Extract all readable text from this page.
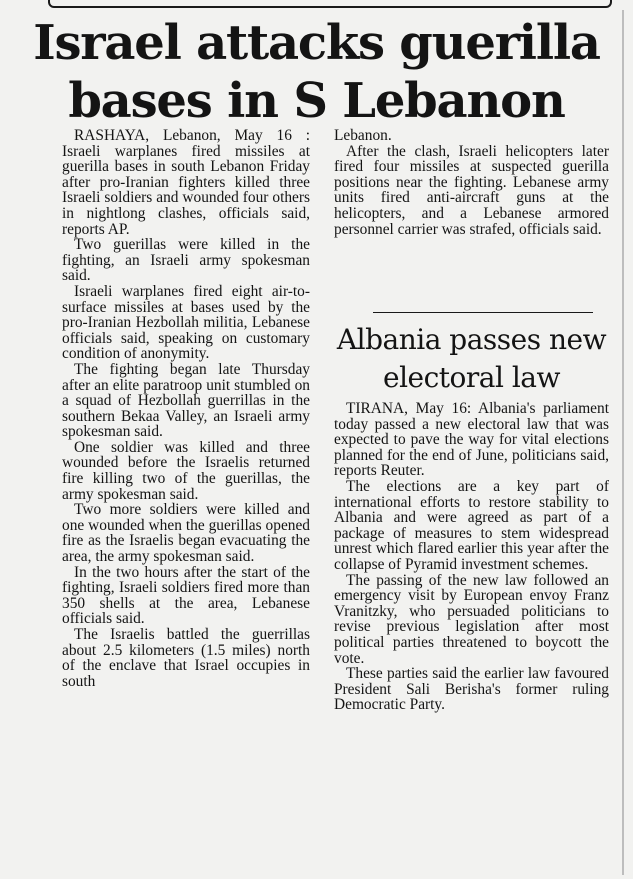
Israel attacks guerilla bases in S Lebanon

RASHAYA, Lebanon, May 16 : Israeli warplanes fired missiles at guerilla bases in south Lebanon Friday after pro-Iranian fighters killed three Israeli soldiers and wounded four others in nightlong clashes, officials said, reports AP.

Two guerillas were killed in the fighting, an Israeli army spokesman said.

Israeli warplanes fired eight air-to-surface missiles at bases used by the pro-Iranian Hezbollah militia, Lebanese officials said, speaking on customary condition of anonymity.

The fighting began late Thursday after an elite paratroop unit stumbled on a squad of Hezbollah guerrillas in the southern Bekaa Valley, an Israeli army spokesman said.

One soldier was killed and three wounded before the Israelis returned fire killing two of the guerillas, the army spokesman said.

Two more soldiers were killed and one wounded when the guerillas opened fire as the Israelis began evacuating the area, the army spokesman said.

In the two hours after the start of the fighting, Israeli soldiers fired more than 350 shells at the area, Lebanese officials said.

The Israelis battled the guerrillas about 2.5 kilometers (1.5 miles) north of the enclave that Israel occupies in south

Lebanon.

After the clash, Israeli helicopters later fired four missiles at suspected guerilla positions near the fighting. Lebanese army units fired anti-aircraft guns at the helicopters, and a Lebanese armored personnel carrier was strafed, officials said.

Albania passes new electoral law

TIRANA, May 16: Albania's parliament today passed a new electoral law that was expected to pave the way for vital elections planned for the end of June, politicians said, reports Reuter.

The elections are a key part of international efforts to restore stability to Albania and were agreed as part of a package of measures to stem widespread unrest which flared earlier this year after the collapse of Pyramid investment schemes.

The passing of the new law followed an emergency visit by European envoy Franz Vranitzky, who persuaded politicians to revise previous legislation after most political parties threatened to boycott the vote.

These parties said the earlier law favoured President Sali Berisha's former ruling Democratic Party.
